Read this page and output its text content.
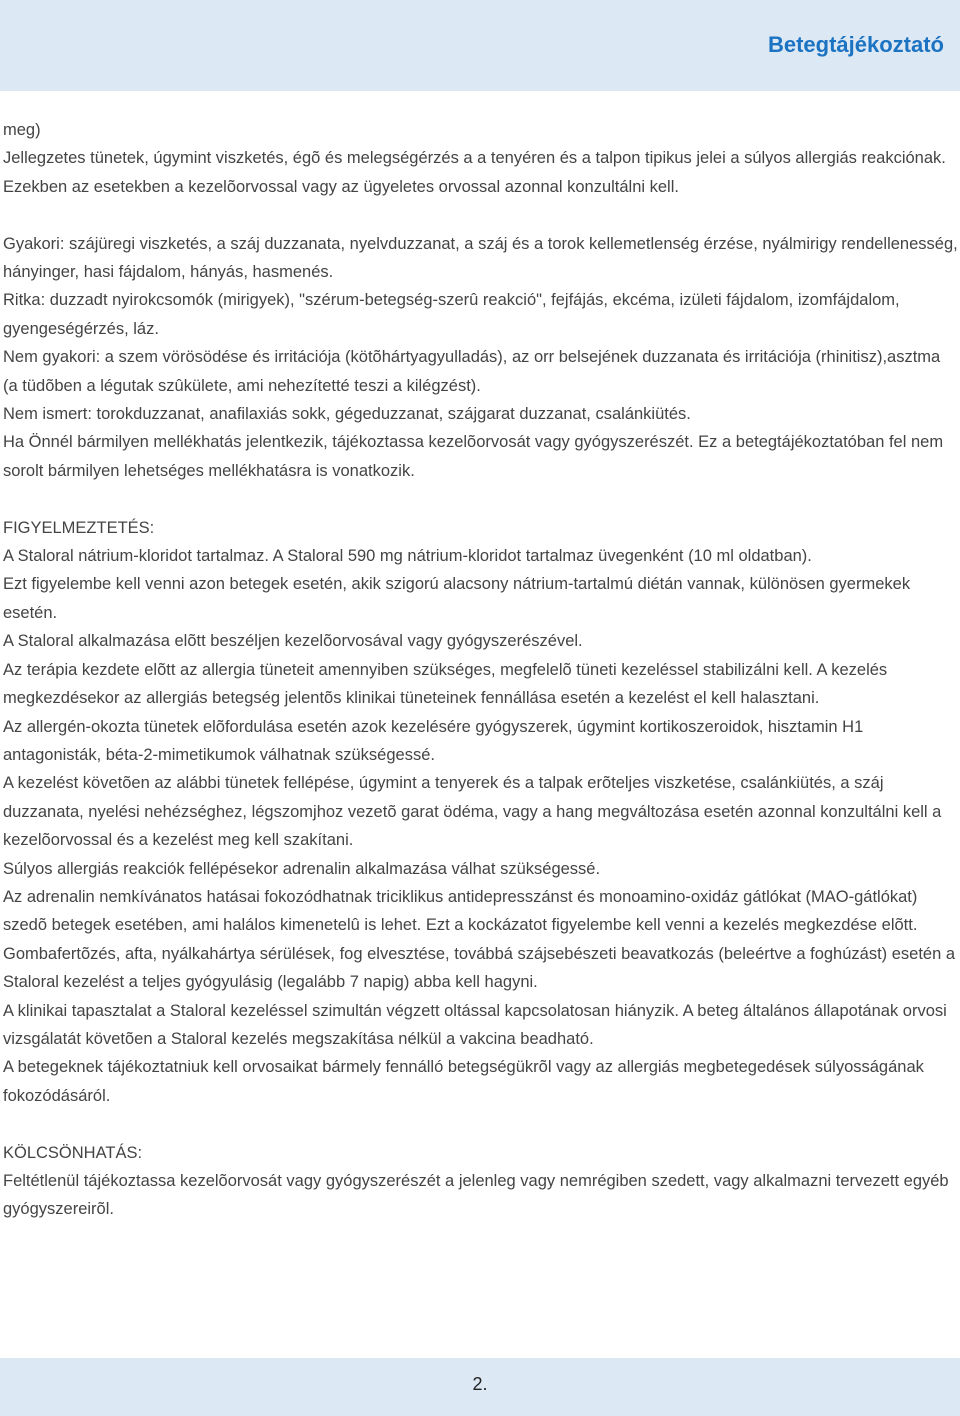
Betegtájékoztató

meg)

Jellegzetes tünetek, úgymint viszketés, égõ és melegségérzés a a tenyéren és a talpon tipikus jelei a súlyos allergiás reakciónak. Ezekben az esetekben a kezelõorvossal vagy az ügyeletes orvossal azonnal konzultálni kell.

Gyakori: szájüregi viszketés, a száj duzzanata, nyelvduzzanat, a száj és a torok kellemetlenség érzése, nyálmirigy rendellenesség, hányinger, hasi fájdalom, hányás, hasmenés.

Ritka: duzzadt nyirokcsomók (mirigyek), "szérum-betegség-szerû reakció", fejfájás, ekcéma, izületi fájdalom, izomfájdalom, gyengeségérzés, láz.

Nem gyakori: a szem vörösödése és irritációja (kötõhártyagyulladás), az orr belsejének duzzanata és irritációja (rhinitisz),asztma (a tüdõben a légutak szûkülete, ami nehezítetté teszi a kilégzést).

Nem ismert: torokduzzanat, anafilaxiás sokk, gégeduzzanat, szájgarat duzzanat, csalánkiütés.

Ha Önnél bármilyen mellékhatás jelentkezik, tájékoztassa kezelõorvosát vagy gyógyszerészét. Ez a betegtájékoztatóban fel nem sorolt bármilyen lehetséges mellékhatásra is vonatkozik.

FIGYELMEZTETÉS:

A Staloral nátrium-kloridot tartalmaz. A Staloral 590 mg nátrium-kloridot tartalmaz üvegenként (10 ml oldatban).

Ezt figyelembe kell venni azon betegek esetén, akik szigorú alacsony nátrium-tartalmú diétán vannak, különösen gyermekek esetén.

A Staloral alkalmazása elõtt beszéljen kezelõorvosával vagy gyógyszerészével.

Az terápia kezdete elõtt az allergia tüneteit amennyiben szükséges, megfelelõ tüneti kezeléssel stabilizálni kell. A kezelés megkezdésekor az allergiás betegség jelentõs klinikai tüneteinek fennállása esetén a kezelést el kell halasztani.

Az allergén-okozta tünetek elõfordulása esetén azok kezelésére gyógyszerek, úgymint kortikoszeroidok, hisztamin H1 antagonisták, béta-2-mimetikumok válhatnak szükségessé.

A kezelést követõen az alábbi tünetek fellépése, úgymint a tenyerek és a talpak erõteljes viszketése, csalánkiütés, a száj duzzanata, nyelési nehézséghez, légszomjhoz vezetõ garat ödéma, vagy a hang megváltozása esetén azonnal konzultálni kell a kezelõorvossal és a kezelést meg kell szakítani.

Súlyos allergiás reakciók fellépésekor adrenalin alkalmazása válhat szükségessé.

Az adrenalin nemkívánatos hatásai fokozódhatnak triciklikus antidepresszánst és monoamino-oxidáz gátlókat (MAO-gátlókat) szedõ betegek esetében, ami halálos kimenetelû is lehet. Ezt a kockázatot figyelembe kell venni a kezelés megkezdése elõtt.

Gombafertõzés, afta, nyálkahártya sérülések, fog elvesztése, továbbá szájsebészeti beavatkozás (beleértve a foghúzást) esetén a Staloral kezelést a teljes gyógyulásig (legalább 7 napig) abba kell hagyni.

A klinikai tapasztalat a Staloral kezeléssel szimultán végzett oltással kapcsolatosan hiányzik. A beteg általános állapotának orvosi vizsgálatát követõen a Staloral kezelés megszakítása nélkül a vakcina beadható.

A betegeknek tájékoztatniuk kell orvosaikat bármely fennálló betegségükrõl vagy az allergiás megbetegedések súlyosságának fokozódásáról.

KÖLCSÖNHATÁS:

Feltétlenül tájékoztassa kezelõorvosát vagy gyógyszerészét a jelenleg vagy nemrégiben szedett, vagy alkalmazni tervezett egyéb gyógyszereirõl.

2.
